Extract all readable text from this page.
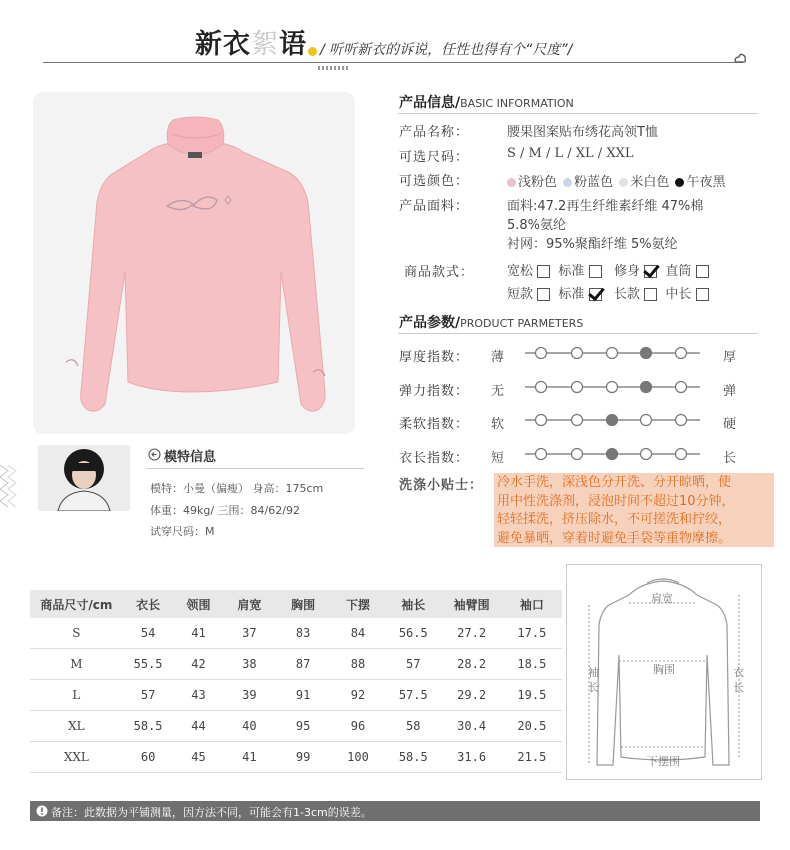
新衣絮语 / 听听新衣的诉说，任性也得有个“尺度”/
模特信息
模特：小曼（偏瘦） 身高：175cm
体重：49kg/ 三围：84/62/92
试穿尺码：M
产品信息/BASIC INFORMATION
产品名称：	腰果图案贴布绣花高领T恤
可选尺码：	S / M / L / XL / XXL
可选颜色：	浅粉色 粉蓝色 米白色 午夜黑
产品面料：	面料:47.2再生纤维素纤维 47%棉
5.8%氨纶
衬网：95%聚酯纤维 5%氨纶
商品款式：	宽松 标准 修身 直筒
短款 标准 长款 中长
产品参数/PRODUCT PARMETERS
厚度指数： 薄	厚
弹力指数： 无	弹
柔软指数： 软	硬
衣长指数： 短	长
洗涤小贴士： 冷水手洗，深浅色分开洗、分开晾晒，使
用中性洗涤剂，浸泡时间不超过10分钟，
轻轻揉洗，挤压除水，不可搓洗和拧绞，
避免暴晒，穿着时避免手袋等重物摩擦。
商品尺寸/cm	衣长	领围	肩宽	胸围	下摆	袖长	袖臂围	袖口
S	54	41	37	83	84	56.5	27.2	17.5
M	55.5	42	38	87	88	57	28.2	18.5
L	57	43	39	91	92	57.5	29.2	19.5
XL	58.5	44	40	95	96	58	30.4	20.5
XXL	60	45	41	99	100	58.5	31.6	21.5
肩宽
胸围
袖
长
衣
长
下摆围
备注：此数据为平铺测量，因方法不同，可能会有1-3cm的误差。
